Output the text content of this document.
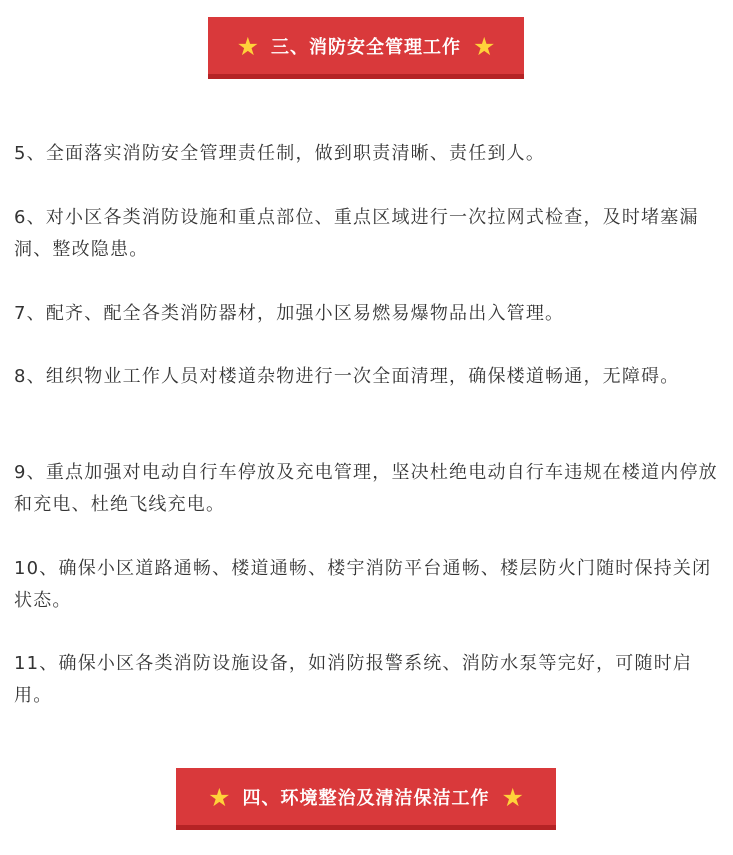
★ 三、消防安全管理工作 ★

5、全面落实消防安全管理责任制，做到职责清晰、责任到人。

6、对小区各类消防设施和重点部位、重点区域进行一次拉网式检查，及时堵塞漏洞、整改隐患。

7、配齐、配全各类消防器材，加强小区易燃易爆物品出入管理。

8、组织物业工作人员对楼道杂物进行一次全面清理，确保楼道畅通，无障碍。

9、重点加强对电动自行车停放及充电管理，坚决杜绝电动自行车违规在楼道内停放和充电、杜绝飞线充电。

10、确保小区道路通畅、楼道通畅、楼宇消防平台通畅、楼层防火门随时保持关闭状态。

11、确保小区各类消防设施设备，如消防报警系统、消防水泵等完好，可随时启用。

★ 四、环境整治及清洁保洁工作 ★
